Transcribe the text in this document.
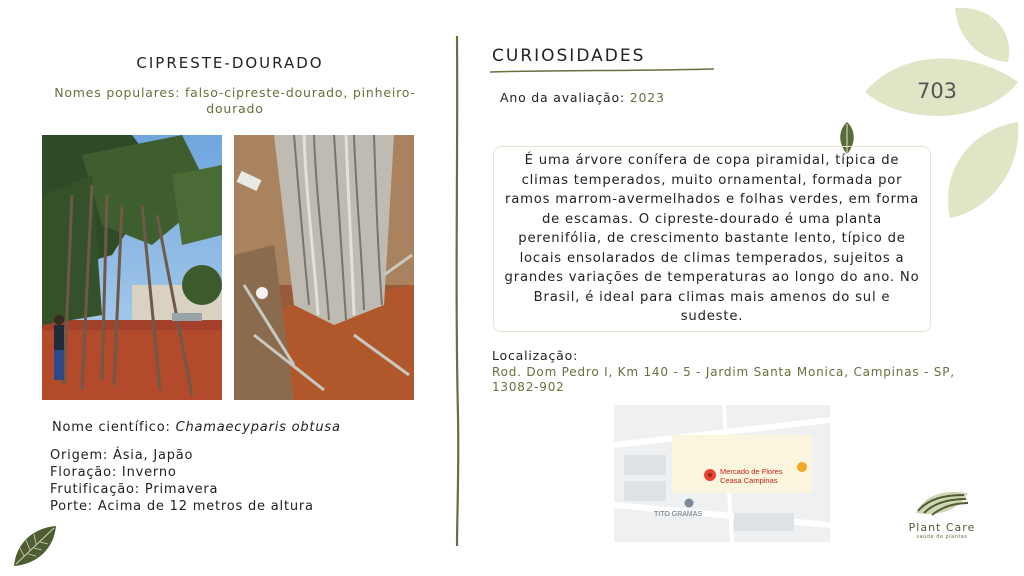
CIPRESTE-DOURADO
Nomes populares: falso-cipreste-dourado, pinheiro-dourado
Nome científico: Chamaecyparis obtusa
Origem: Ásia, Japão
Floração: Inverno
Frutificação: Primavera
Porte: Acima de 12 metros de altura
CURIOSIDADES
Ano da avaliação: 2023	703
É uma árvore conífera de copa piramidal, típica de climas temperados, muito ornamental, formada por ramos marrom-avermelhados e folhas verdes, em forma de escamas. O cipreste-dourado é uma planta perenifólia, de crescimento bastante lento, típico de locais ensolarados de climas temperados, sujeitos a grandes variações de temperaturas ao longo do ano. No Brasil, é ideal para climas mais amenos do sul e sudeste.
Localização:
Rod. Dom Pedro I, Km 140 - 5 - Jardim Santa Monica, Campinas - SP, 13082-902
Mercado de Flores
Ceasa Campinas
TITO GRAMAS
Plant Care
saúde de plantas
